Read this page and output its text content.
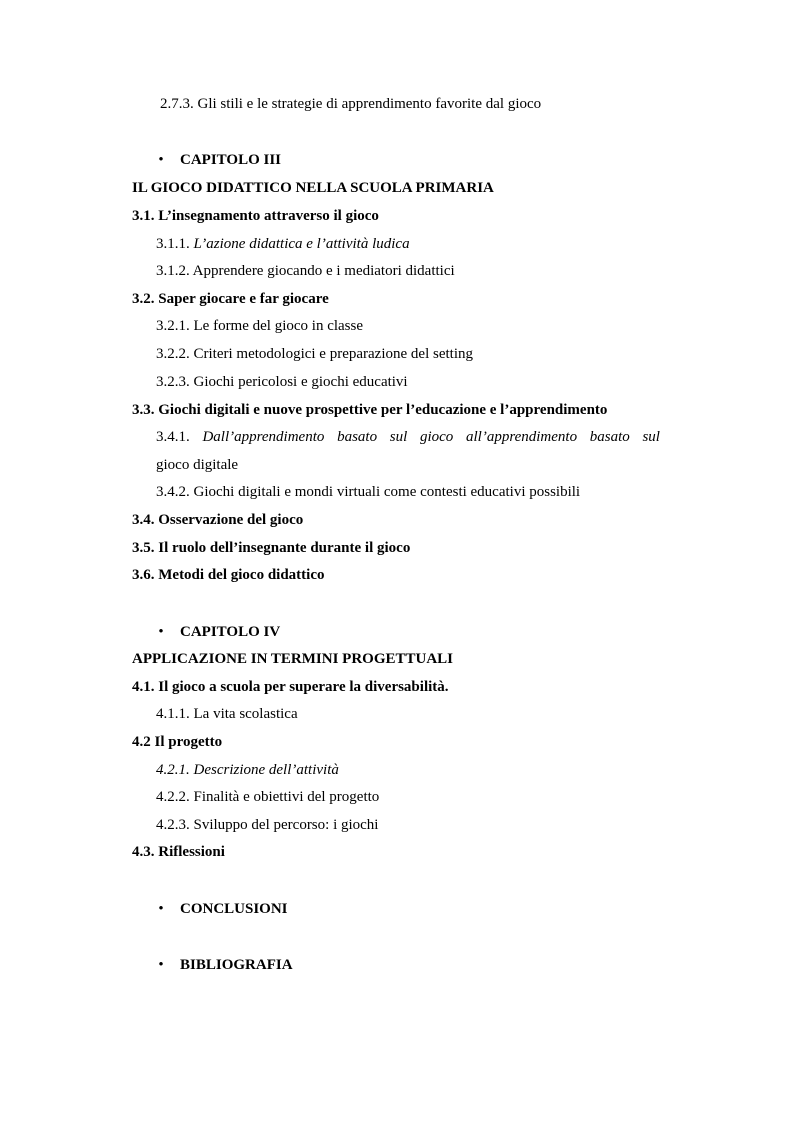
2.7.3. Gli stili e le strategie di apprendimento favorite dal gioco
• CAPITOLO III
IL GIOCO DIDATTICO NELLA SCUOLA PRIMARIA
3.1. L’insegnamento attraverso il gioco
3.1.1. L’azione didattica e l’attività ludica
3.1.2. Apprendere giocando e i mediatori didattici
3.2. Saper giocare e far giocare
3.2.1. Le forme del gioco in classe
3.2.2. Criteri metodologici e preparazione del setting
3.2.3. Giochi pericolosi e giochi educativi
3.3. Giochi digitali e nuove prospettive per l’educazione e l’apprendimento
3.4.1. Dall’apprendimento basato sul gioco all’apprendimento basato sul
gioco digitale
3.4.2. Giochi digitali e mondi virtuali come contesti educativi possibili
3.4. Osservazione del gioco
3.5. Il ruolo dell’insegnante durante il gioco
3.6. Metodi del gioco didattico
• CAPITOLO IV
APPLICAZIONE IN TERMINI PROGETTUALI
4.1. Il gioco a scuola per superare la diversabilità.
4.1.1. La vita scolastica
4.2 Il progetto
4.2.1. Descrizione dell’attività
4.2.2. Finalità e obiettivi del progetto
4.2.3. Sviluppo del percorso: i giochi
4.3. Riflessioni
• CONCLUSIONI
• BIBLIOGRAFIA
